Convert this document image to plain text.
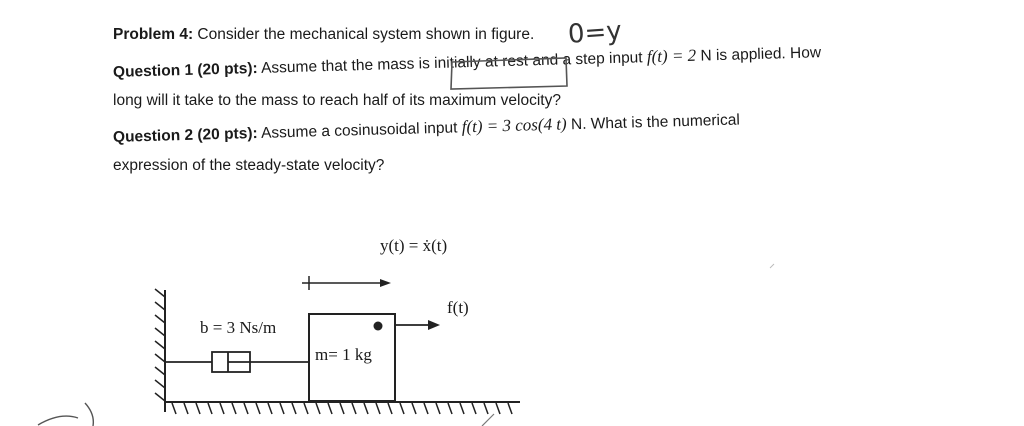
Problem 4: Consider the mechanical system shown in figure. 0=y
Question 1 (20 pts): Assume that the mass is initially at rest and a step input f(t) = 2 N is applied. How
long will it take to the mass to reach half of its maximum velocity?
Question 2 (20 pts): Assume a cosinusoidal input f(t) = 3 cos(4 t) N. What is the numerical
expression of the steady-state velocity?
y(t) = ẋ(t)
f(t)
b = 3 Ns/m
m= 1 kg
